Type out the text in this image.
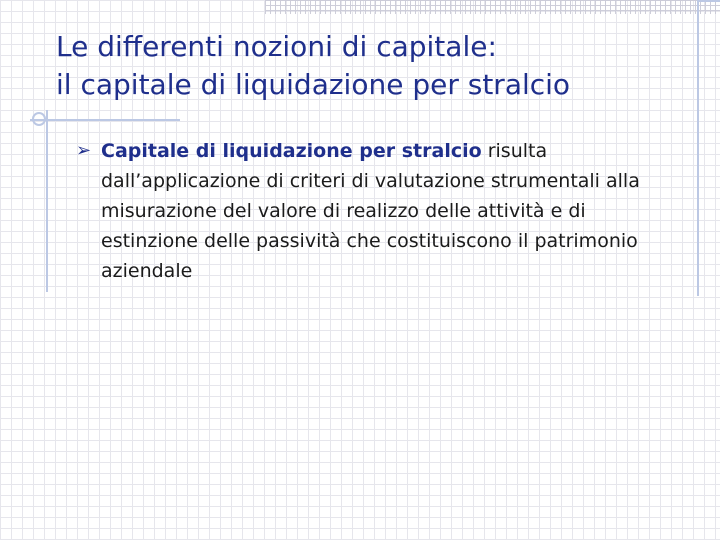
Le differenti nozioni di capitale:
il capitale di liquidazione per stralcio
➢ Capitale di liquidazione per stralcio risulta dall’applicazione di criteri di valutazione strumentali alla misurazione del valore di realizzo delle attività e di estinzione delle passività che costituiscono il patrimonio aziendale
